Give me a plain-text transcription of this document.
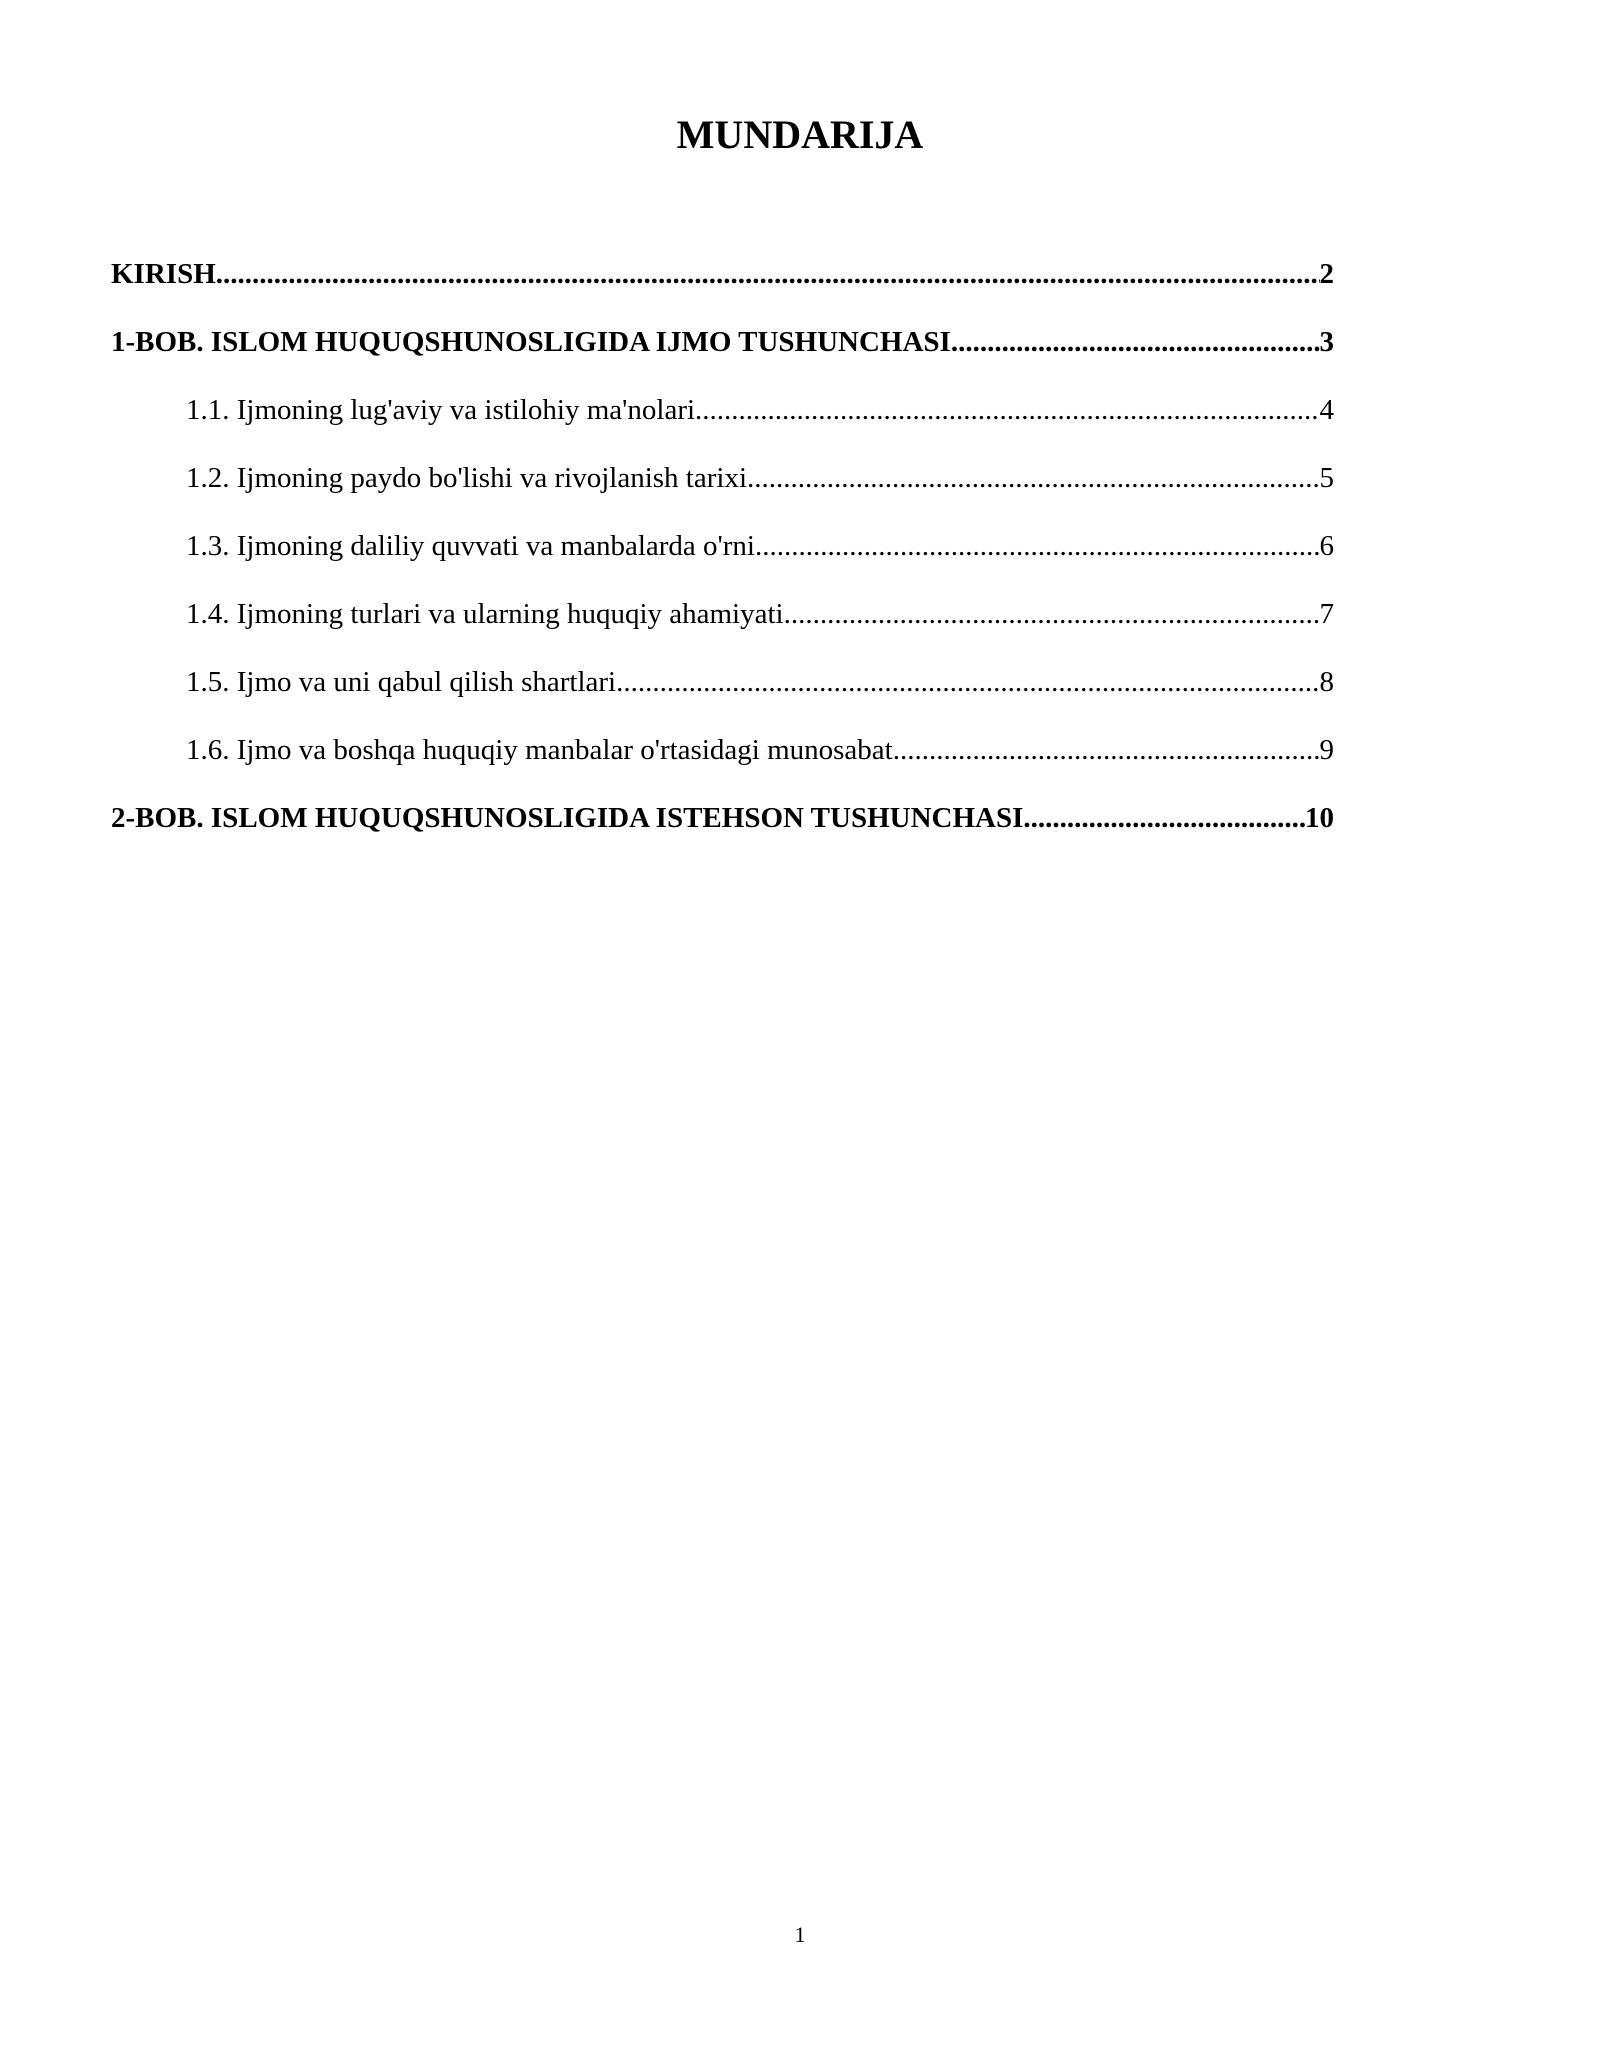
MUNDARIJA
KIRISH .....	2
1-BOB. ISLOM HUQUQSHUNOSLIGIDA IJMO TUSHUNCHASI .....	3
1.1. Ijmoning lug'aviy va istilohiy ma'nolari .....	4
1.2. Ijmoning paydo bo'lishi va rivojlanish tarixi .....	5
1.3. Ijmoning daliliy quvvati va manbalarda o'rni .....	6
1.4. Ijmoning turlari va ularning huquqiy ahamiyati .....	7
1.5. Ijmo va uni qabul qilish shartlari .....	8
1.6. Ijmo va boshqa huquqiy manbalar o'rtasidagi munosabat .....	9
2-BOB. ISLOM HUQUQSHUNOSLIGIDA ISTEHSON TUSHUNCHASI .....	10
1
